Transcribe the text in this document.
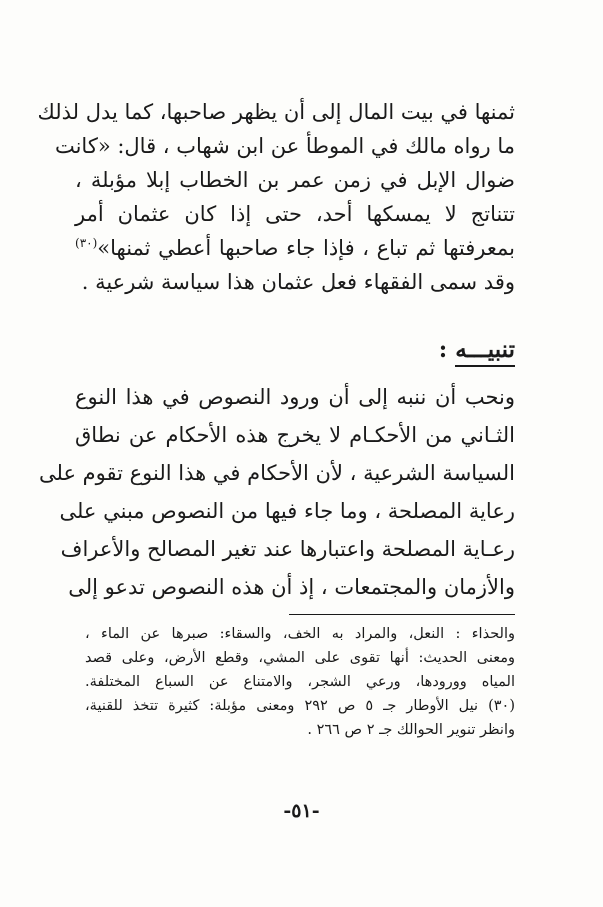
ثمنها في بيت المال إلى أن يظهر صاحبها، كما يدل لذلك
ما رواه مالك في الموطأ عن ابن شهاب ، قال: «كانت
ضوال الإبل في زمن عمر بن الخطاب إبلا مؤبلة ،
تتناتج لا يمسكها أحد، حتى إذا كان عثمان أمر
بمعرفتها ثم تباع ، فإذا جاء صاحبها أعطي ثمنها»$^{(٣٠)}$
وقد سمى الفقهاء فعل عثمان هذا سياسة شرعية .
تنبيـــه :
ونحب أن ننبه إلى أن ورود النصوص في هذا النوع
الثـاني من الأحكـام لا يخرج هذه الأحكام عن نطاق
السياسة الشرعية ، لأن الأحكام في هذا النوع تقوم على
رعاية المصلحة ، وما جاء فيها من النصوص مبني على
رعـاية المصلحة واعتبارها عند تغير المصالح والأعراف
والأزمان والمجتمعات ، إذ أن هذه النصوص تدعو إلى
والحذاء : النعل، والمراد به الخف، والسقاء: صبرها عن الماء ،
ومعنى الحديث: أنها تقوى على المشي، وقطع الأرض، وعلى قصد
المياه وورودها، ورعي الشجر، والامتناع عن السباع المختلفة.
(٣٠) نيل الأوطار جـ ٥ ص ٢٩٢ ومعنى مؤبلة: كثيرة تتخذ للقنية،
وانظر تنوير الحوالك جـ ٢ ص ٢٦٦ .
-٥١-
